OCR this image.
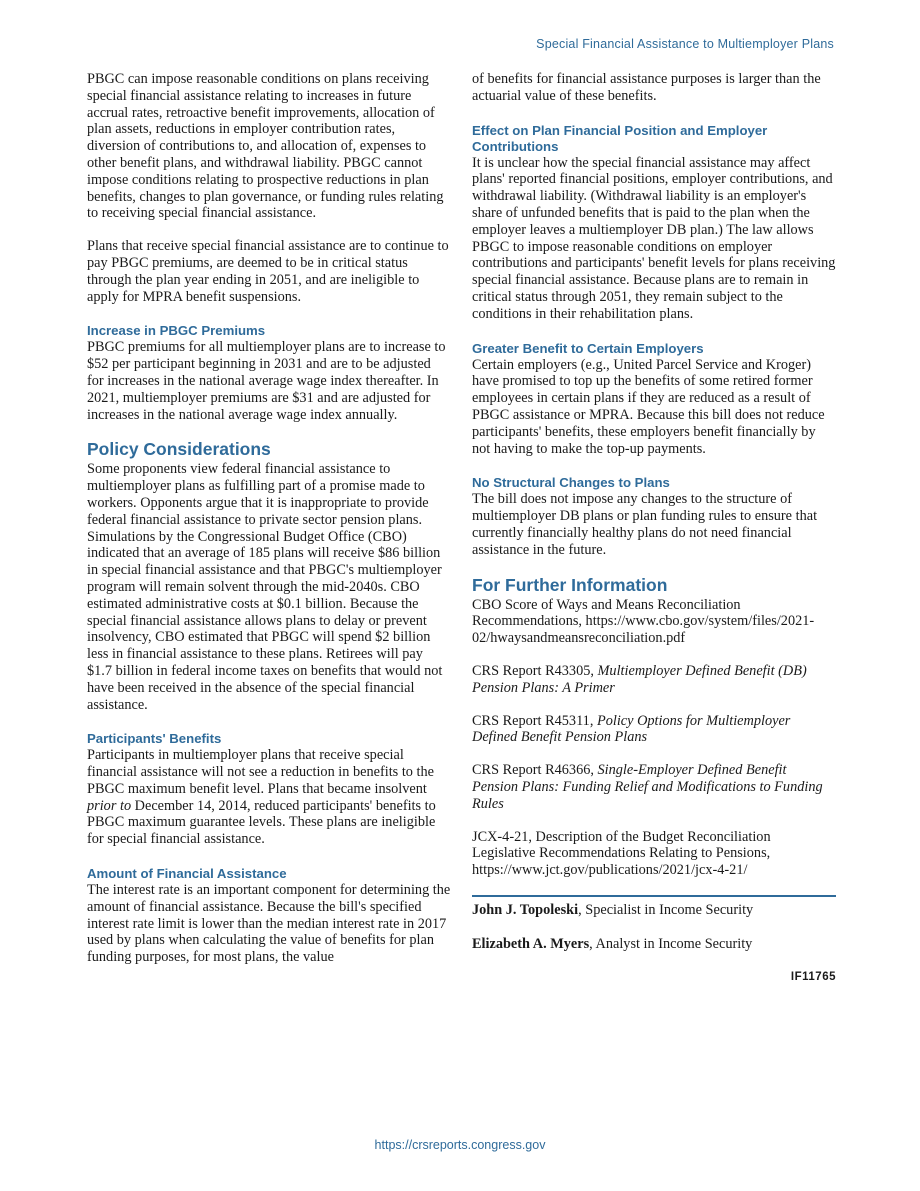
Special Financial Assistance to Multiemployer Plans

PBGC can impose reasonable conditions on plans receiving special financial assistance relating to increases in future accrual rates, retroactive benefit improvements, allocation of plan assets, reductions in employer contribution rates, diversion of contributions to, and allocation of, expenses to other benefit plans, and withdrawal liability. PBGC cannot impose conditions relating to prospective reductions in plan benefits, changes to plan governance, or funding rules relating to receiving special financial assistance.

Plans that receive special financial assistance are to continue to pay PBGC premiums, are deemed to be in critical status through the plan year ending in 2051, and are ineligible to apply for MPRA benefit suspensions.

Increase in PBGC Premiums

PBGC premiums for all multiemployer plans are to increase to $52 per participant beginning in 2031 and are to be adjusted for increases in the national average wage index thereafter. In 2021, multiemployer premiums are $31 and are adjusted for increases in the national average wage index annually.

Policy Considerations

Some proponents view federal financial assistance to multiemployer plans as fulfilling part of a promise made to workers. Opponents argue that it is inappropriate to provide federal financial assistance to private sector pension plans. Simulations by the Congressional Budget Office (CBO) indicated that an average of 185 plans will receive $86 billion in special financial assistance and that PBGC's multiemployer program will remain solvent through the mid-2040s. CBO estimated administrative costs at $0.1 billion. Because the special financial assistance allows plans to delay or prevent insolvency, CBO estimated that PBGC will spend $2 billion less in financial assistance to these plans. Retirees will pay $1.7 billion in federal income taxes on benefits that would not have been received in the absence of the special financial assistance.

Participants' Benefits

Participants in multiemployer plans that receive special financial assistance will not see a reduction in benefits to the PBGC maximum benefit level. Plans that became insolvent prior to December 14, 2014, reduced participants' benefits to PBGC maximum guarantee levels. These plans are ineligible for special financial assistance.

Amount of Financial Assistance

The interest rate is an important component for determining the amount of financial assistance. Because the bill's specified interest rate limit is lower than the median interest rate in 2017 used by plans when calculating the value of benefits for plan funding purposes, for most plans, the value

of benefits for financial assistance purposes is larger than the actuarial value of these benefits.

Effect on Plan Financial Position and Employer Contributions

It is unclear how the special financial assistance may affect plans' reported financial positions, employer contributions, and withdrawal liability. (Withdrawal liability is an employer's share of unfunded benefits that is paid to the plan when the employer leaves a multiemployer DB plan.) The law allows PBGC to impose reasonable conditions on employer contributions and participants' benefit levels for plans receiving special financial assistance. Because plans are to remain in critical status through 2051, they remain subject to the conditions in their rehabilitation plans.

Greater Benefit to Certain Employers

Certain employers (e.g., United Parcel Service and Kroger) have promised to top up the benefits of some retired former employees in certain plans if they are reduced as a result of PBGC assistance or MPRA. Because this bill does not reduce participants' benefits, these employers benefit financially by not having to make the top-up payments.

No Structural Changes to Plans

The bill does not impose any changes to the structure of multiemployer DB plans or plan funding rules to ensure that currently financially healthy plans do not need financial assistance in the future.

For Further Information

CBO Score of Ways and Means Reconciliation Recommendations, https://www.cbo.gov/system/files/2021-02/hwaysandmeansreconciliation.pdf

CRS Report R43305, Multiemployer Defined Benefit (DB) Pension Plans: A Primer

CRS Report R45311, Policy Options for Multiemployer Defined Benefit Pension Plans

CRS Report R46366, Single-Employer Defined Benefit Pension Plans: Funding Relief and Modifications to Funding Rules

JCX-4-21, Description of the Budget Reconciliation Legislative Recommendations Relating to Pensions, https://www.jct.gov/publications/2021/jcx-4-21/

John J. Topoleski, Specialist in Income Security

Elizabeth A. Myers, Analyst in Income Security

IF11765
https://crsreports.congress.gov
